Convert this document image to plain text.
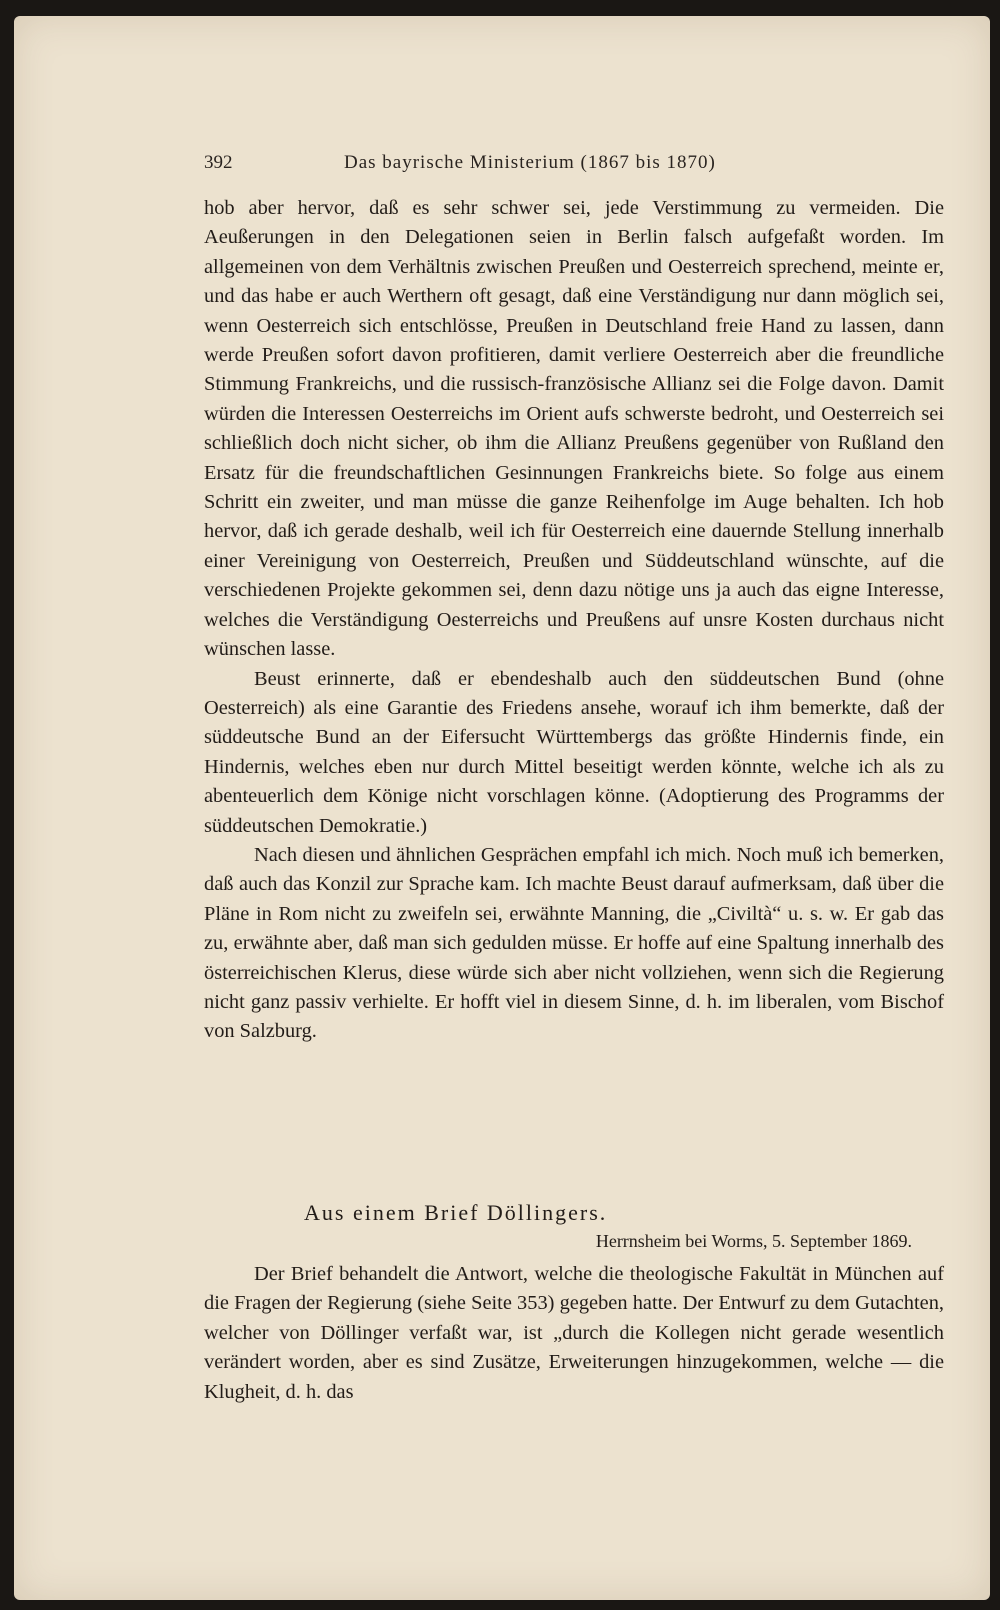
392	Das bayrische Ministerium (1867 bis 1870)

hob aber hervor, daß es sehr schwer sei, jede Verstimmung zu vermeiden. Die Aeußerungen in den Delegationen seien in Berlin falsch aufgefaßt worden. Im allgemeinen von dem Verhältnis zwischen Preußen und Oesterreich sprechend, meinte er, und das habe er auch Werthern oft gesagt, daß eine Verständigung nur dann möglich sei, wenn Oesterreich sich entschlösse, Preußen in Deutschland freie Hand zu lassen, dann werde Preußen sofort davon profitieren, damit verliere Oesterreich aber die freundliche Stimmung Frankreichs, und die russisch-französische Allianz sei die Folge davon. Damit würden die Interessen Oesterreichs im Orient aufs schwerste bedroht, und Oesterreich sei schließlich doch nicht sicher, ob ihm die Allianz Preußens gegenüber von Rußland den Ersatz für die freundschaftlichen Gesinnungen Frankreichs biete. So folge aus einem Schritt ein zweiter, und man müsse die ganze Reihenfolge im Auge behalten. Ich hob hervor, daß ich gerade deshalb, weil ich für Oesterreich eine dauernde Stellung innerhalb einer Vereinigung von Oesterreich, Preußen und Süddeutschland wünschte, auf die verschiedenen Projekte gekommen sei, denn dazu nötige uns ja auch das eigne Interesse, welches die Verständigung Oesterreichs und Preußens auf unsre Kosten durchaus nicht wünschen lasse.

Beust erinnerte, daß er ebendeshalb auch den süddeutschen Bund (ohne Oesterreich) als eine Garantie des Friedens ansehe, worauf ich ihm bemerkte, daß der süddeutsche Bund an der Eifersucht Württembergs das größte Hindernis finde, ein Hindernis, welches eben nur durch Mittel beseitigt werden könnte, welche ich als zu abenteuerlich dem Könige nicht vorschlagen könne. (Adoptierung des Programms der süddeutschen Demokratie.)

Nach diesen und ähnlichen Gesprächen empfahl ich mich. Noch muß ich bemerken, daß auch das Konzil zur Sprache kam. Ich machte Beust darauf aufmerksam, daß über die Pläne in Rom nicht zu zweifeln sei, erwähnte Manning, die „Civiltà“ u. s. w. Er gab das zu, erwähnte aber, daß man sich gedulden müsse. Er hoffe auf eine Spaltung innerhalb des österreichischen Klerus, diese würde sich aber nicht vollziehen, wenn sich die Regierung nicht ganz passiv verhielte. Er hofft viel in diesem Sinne, d. h. im liberalen, vom Bischof von Salzburg.

Aus einem Brief Döllingers.
Herrnsheim bei Worms, 5. September 1869.

Der Brief behandelt die Antwort, welche die theologische Fakultät in München auf die Fragen der Regierung (siehe Seite 353) gegeben hatte. Der Entwurf zu dem Gutachten, welcher von Döllinger verfaßt war, ist „durch die Kollegen nicht gerade wesentlich verändert worden, aber es sind Zusätze, Erweiterungen hinzugekommen, welche — die Klugheit, d. h. das
